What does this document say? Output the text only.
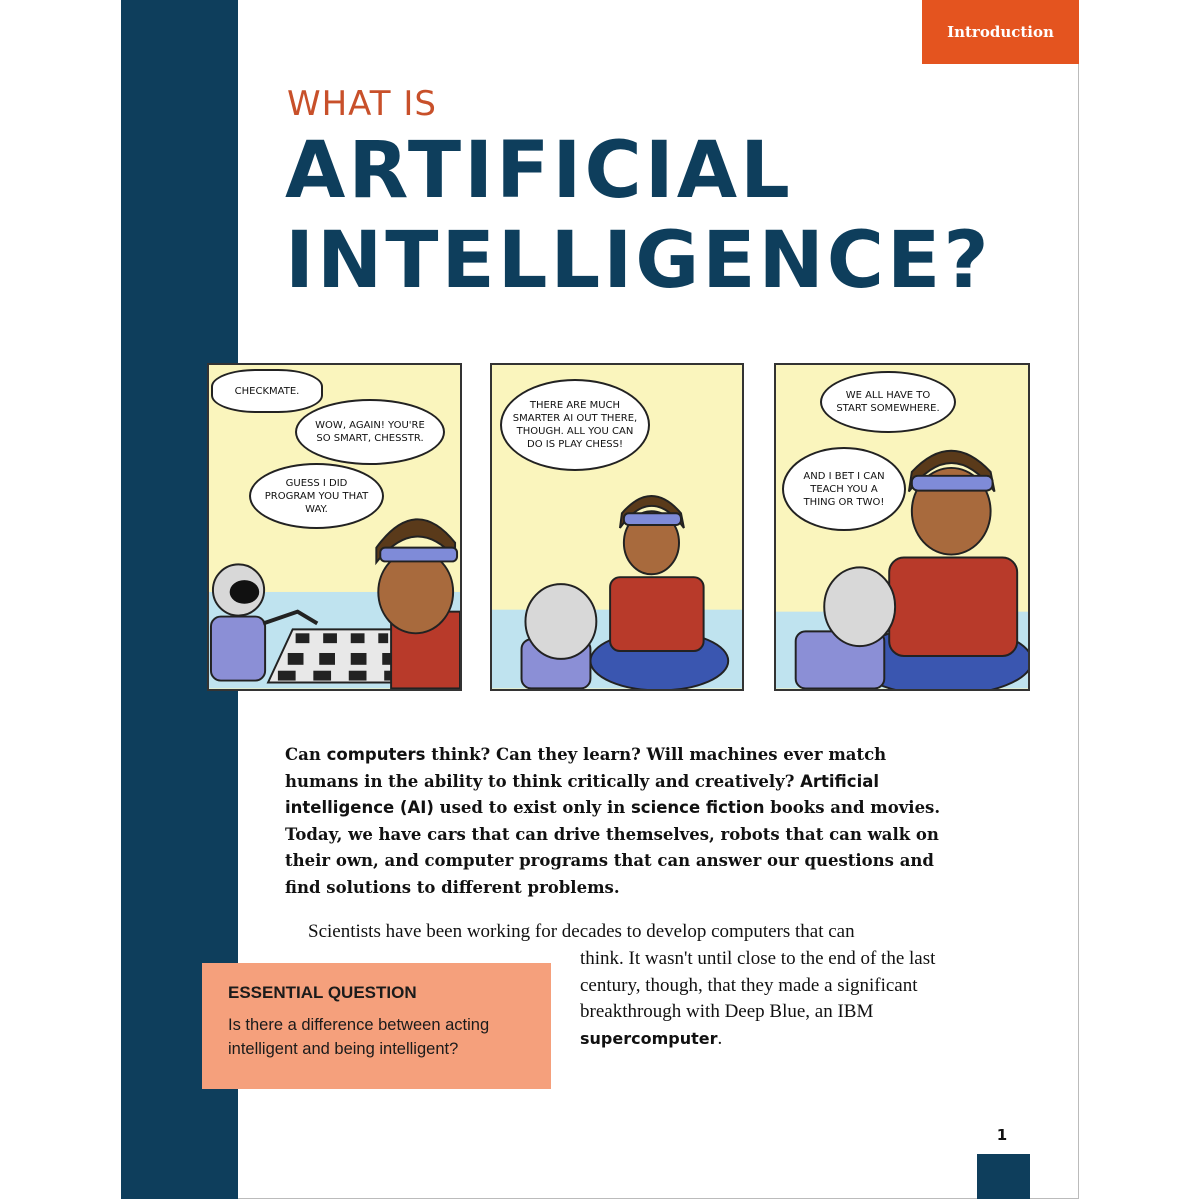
Introduction
WHAT IS
ARTIFICIAL
INTELLIGENCE?
CHECKMATE.
WOW, AGAIN! YOU'RE SO SMART, CHESSTR.
GUESS I DID PROGRAM YOU THAT WAY.
THERE ARE MUCH SMARTER AI OUT THERE, THOUGH. ALL YOU CAN DO IS PLAY CHESS!
WE ALL HAVE TO START SOMEWHERE.
AND I BET I CAN TEACH YOU A THING OR TWO!

Can computers think? Can they learn? Will machines ever match humans in the ability to think critically and creatively? Artificial intelligence (AI) used to exist only in science fiction books and movies. Today, we have cars that can drive themselves, robots that can walk on their own, and computer programs that can answer our questions and find solutions to different problems.

Scientists have been working for decades to develop computers that can

think. It wasn't until close to the end of the last century, though, that they made a significant breakthrough with Deep Blue, an IBM supercomputer.

ESSENTIAL QUESTION
Is there a difference between acting intelligent and being intelligent?
1
